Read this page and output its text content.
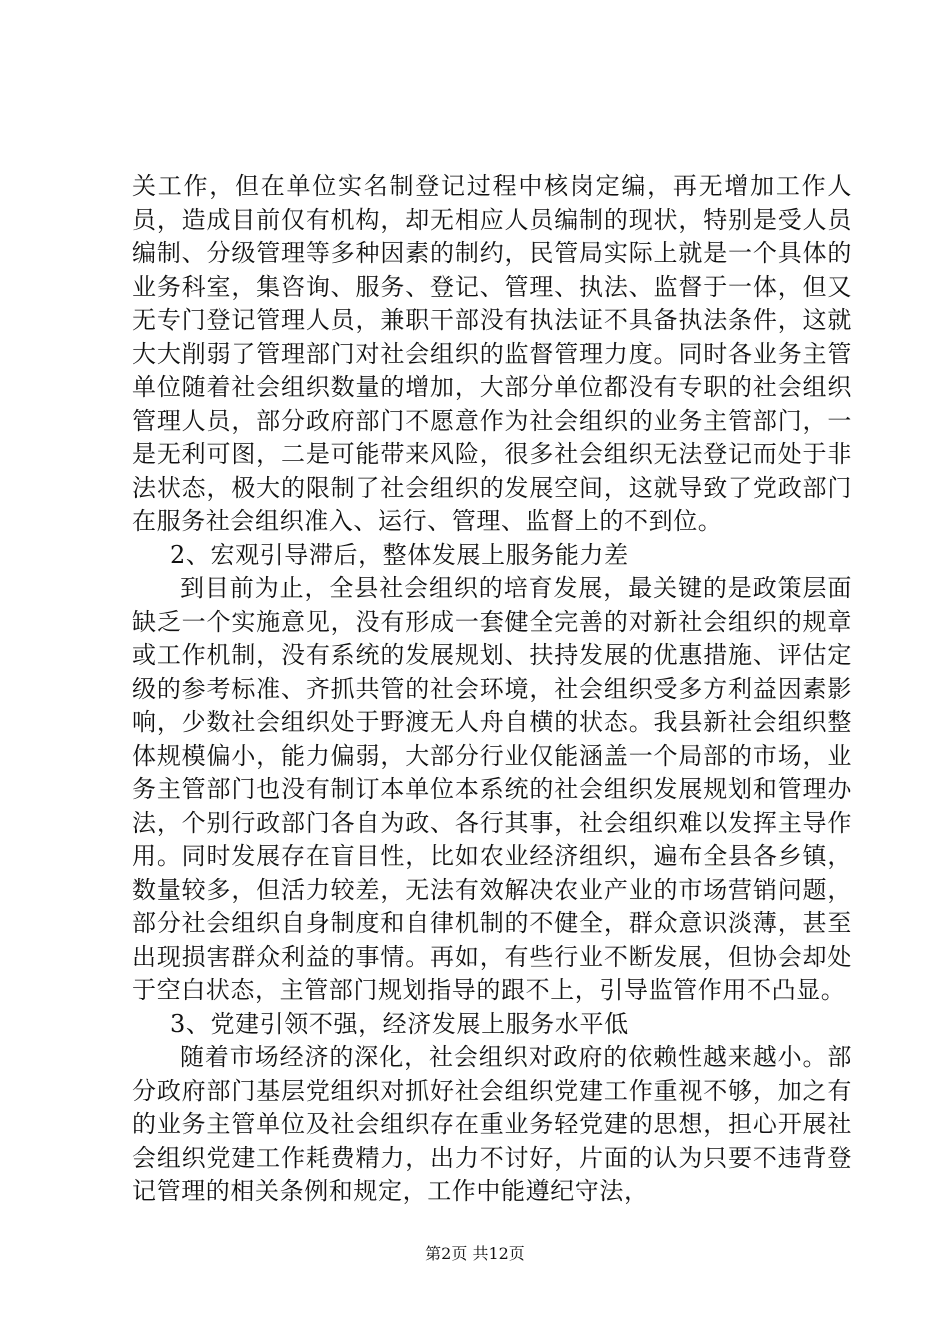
关工作，但在单位实名制登记过程中核岗定编，再无增加工作人员，造成目前仅有机构，却无相应人员编制的现状，特别是受人员编制、分级管理等多种因素的制约，民管局实际上就是一个具体的业务科室，集咨询、服务、登记、管理、执法、监督于一体，但又无专门登记管理人员，兼职干部没有执法证不具备执法条件，这就大大削弱了管理部门对社会组织的监督管理力度。同时各业务主管单位随着社会组织数量的增加，大部分单位都没有专职的社会组织管理人员，部分政府部门不愿意作为社会组织的业务主管部门，一是无利可图，二是可能带来风险，很多社会组织无法登记而处于非法状态，极大的限制了社会组织的发展空间，这就导致了党政部门在服务社会组织准入、运行、管理、监督上的不到位。

2、宏观引导滞后，整体发展上服务能力差

到目前为止，全县社会组织的培育发展，最关键的是政策层面缺乏一个实施意见，没有形成一套健全完善的对新社会组织的规章或工作机制，没有系统的发展规划、扶持发展的优惠措施、评估定级的参考标准、齐抓共管的社会环境，社会组织受多方利益因素影响，少数社会组织处于野渡无人舟自横的状态。我县新社会组织整体规模偏小，能力偏弱，大部分行业仅能涵盖一个局部的市场，业务主管部门也没有制订本单位本系统的社会组织发展规划和管理办法，个别行政部门各自为政、各行其事，社会组织难以发挥主导作用。同时发展存在盲目性，比如农业经济组织，遍布全县各乡镇，数量较多，但活力较差，无法有效解决农业产业的市场营销问题，部分社会组织自身制度和自律机制的不健全，群众意识淡薄，甚至出现损害群众利益的事情。再如，有些行业不断发展，但协会却处于空白状态，主管部门规划指导的跟不上，引导监管作用不凸显。

3、党建引领不强，经济发展上服务水平低

随着市场经济的深化，社会组织对政府的依赖性越来越小。部分政府部门基层党组织对抓好社会组织党建工作重视不够，加之有的业务主管单位及社会组织存在重业务轻党建的思想，担心开展社会组织党建工作耗费精力，出力不讨好，片面的认为只要不违背登记管理的相关条例和规定，工作中能遵纪守法，

第2页 共12页
